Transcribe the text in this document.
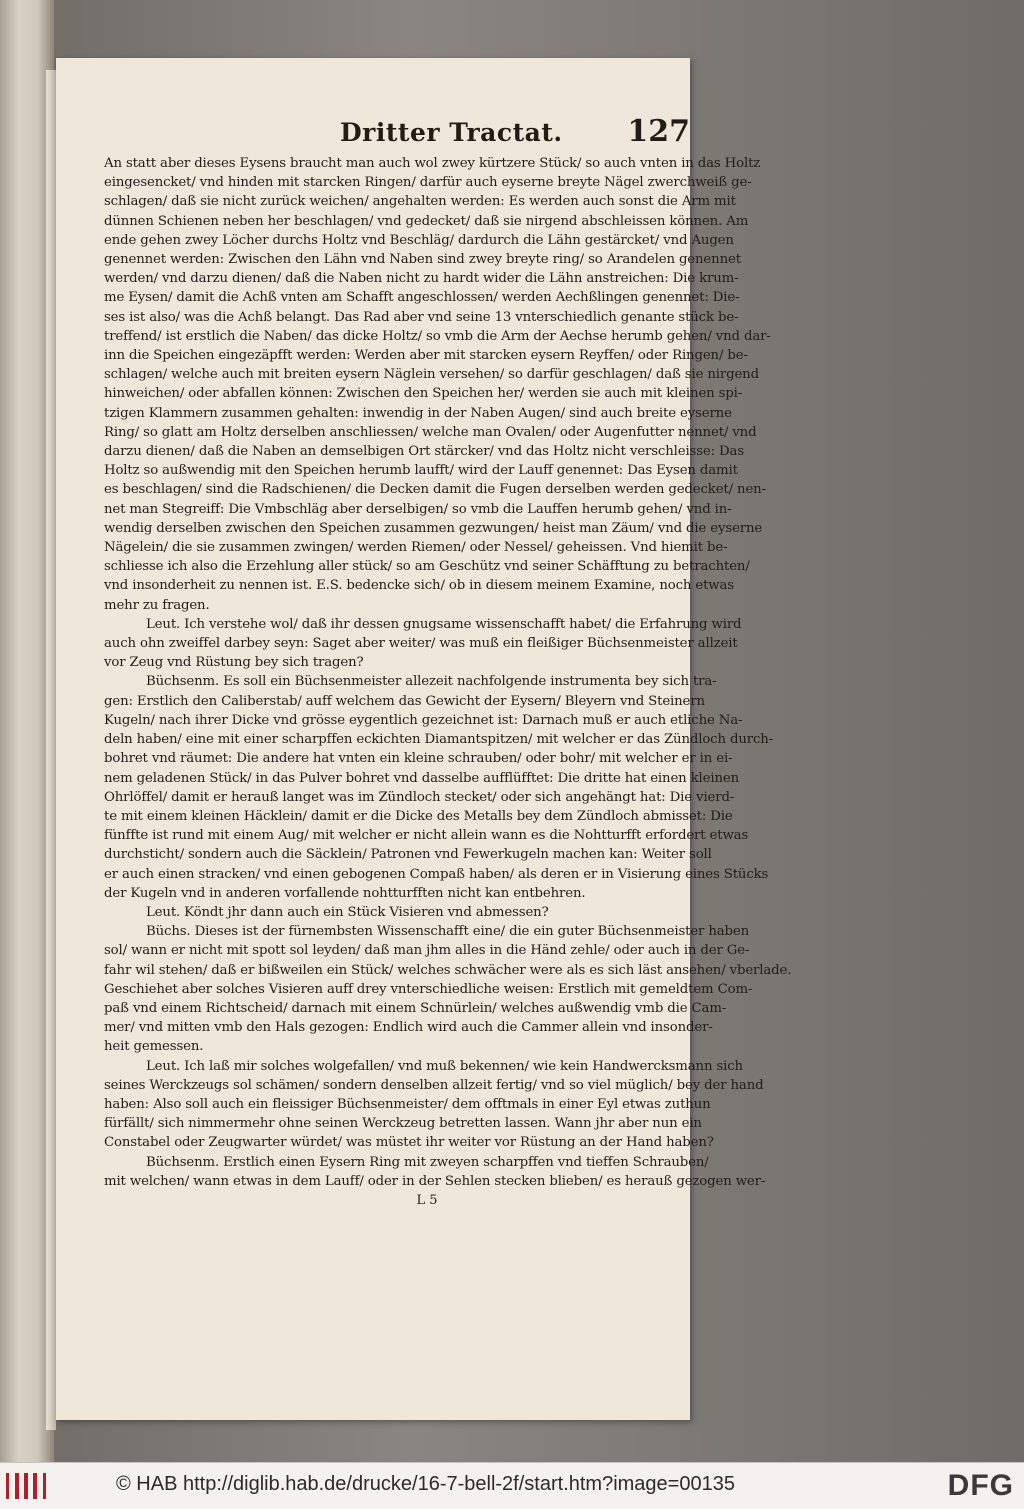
Dritter Tractat. 127
An statt aber dieses Eysens braucht man auch wol zwey kürtzere Stück/ so auch vnten in das Holtz
eingesencket/ vnd hinden mit starcken Ringen/ darfür auch eyserne breyte Nägel zwerchweiß ge-
schlagen/ daß sie nicht zurück weichen/ angehalten werden: Es werden auch sonst die Arm mit
dünnen Schienen neben her beschlagen/ vnd gedecket/ daß sie nirgend abschleissen können. Am
ende gehen zwey Löcher durchs Holtz vnd Beschläg/ dardurch die Lähn gestärcket/ vnd Augen
genennet werden: Zwischen den Lähn vnd Naben sind zwey breyte ring/ so Arandelen genennet
werden/ vnd darzu dienen/ daß die Naben nicht zu hardt wider die Lähn anstreichen: Die krum-
me Eysen/ damit die Achß vnten am Schafft angeschlossen/ werden Aechßlingen genennet: Die-
ses ist also/ was die Achß belangt. Das Rad aber vnd seine 13 vnterschiedlich genante stück be-
treffend/ ist erstlich die Naben/ das dicke Holtz/ so vmb die Arm der Aechse herumb gehen/ vnd dar-
inn die Speichen eingezäpfft werden: Werden aber mit starcken eysern Reyffen/ oder Ringen/ be-
schlagen/ welche auch mit breiten eysern Näglein versehen/ so darfür geschlagen/ daß sie nirgend
hinweichen/ oder abfallen können: Zwischen den Speichen her/ werden sie auch mit kleinen spi-
tzigen Klammern zusammen gehalten: inwendig in der Naben Augen/ sind auch breite eyserne
Ring/ so glatt am Holtz derselben anschliessen/ welche man Ovalen/ oder Augenfutter nennet/ vnd
darzu dienen/ daß die Naben an demselbigen Ort stärcker/ vnd das Holtz nicht verschleisse: Das
Holtz so außwendig mit den Speichen herumb laufft/ wird der Lauff genennet: Das Eysen damit
es beschlagen/ sind die Radschienen/ die Decken damit die Fugen derselben werden gedecket/ nen-
net man Stegreiff: Die Vmbschläg aber derselbigen/ so vmb die Lauffen herumb gehen/ vnd in-
wendig derselben zwischen den Speichen zusammen gezwungen/ heist man Zäum/ vnd die eyserne
Nägelein/ die sie zusammen zwingen/ werden Riemen/ oder Nessel/ geheissen. Vnd hiemit be-
schliesse ich also die Erzehlung aller stück/ so am Geschütz vnd seiner Schäfftung zu betrachten/
vnd insonderheit zu nennen ist. E.S. bedencke sich/ ob in diesem meinem Examine, noch etwas
mehr zu fragen.
Leut. Ich verstehe wol/ daß ihr dessen gnugsame wissenschafft habet/ die Erfahrung wird
auch ohn zweiffel darbey seyn: Saget aber weiter/ was muß ein fleißiger Büchsenmeister allzeit
vor Zeug vnd Rüstung bey sich tragen?
Büchsenm. Es soll ein Büchsenmeister allezeit nachfolgende instrumenta bey sich tra-
gen: Erstlich den Caliberstab/ auff welchem das Gewicht der Eysern/ Bleyern vnd Steinern
Kugeln/ nach ihrer Dicke vnd grösse eygentlich gezeichnet ist: Darnach muß er auch etliche Na-
deln haben/ eine mit einer scharpffen eckichten Diamantspitzen/ mit welcher er das Zündloch durch-
bohret vnd räumet: Die andere hat vnten ein kleine schrauben/ oder bohr/ mit welcher er in ei-
nem geladenen Stück/ in das Pulver bohret vnd dasselbe aufflüfftet: Die dritte hat einen kleinen
Ohrlöffel/ damit er herauß langet was im Zündloch stecket/ oder sich angehängt hat: Die vierd-
te mit einem kleinen Häcklein/ damit er die Dicke des Metalls bey dem Zündloch abmisset: Die
fünffte ist rund mit einem Aug/ mit welcher er nicht allein wann es die Nohtturfft erfordert etwas
durchsticht/ sondern auch die Säcklein/ Patronen vnd Fewerkugeln machen kan: Weiter soll
er auch einen stracken/ vnd einen gebogenen Compaß haben/ als deren er in Visierung eines Stücks
der Kugeln vnd in anderen vorfallende nohtturfften nicht kan entbehren.
Leut. Köndt jhr dann auch ein Stück Visieren vnd abmessen?
Büchs. Dieses ist der fürnembsten Wissenschafft eine/ die ein guter Büchsenmeister haben
sol/ wann er nicht mit spott sol leyden/ daß man jhm alles in die Händ zehle/ oder auch in der Ge-
fahr wil stehen/ daß er bißweilen ein Stück/ welches schwächer were als es sich läst ansehen/ vberlade.
Geschiehet aber solches Visieren auff drey vnterschiedliche weisen: Erstlich mit gemeldtem Com-
paß vnd einem Richtscheid/ darnach mit einem Schnürlein/ welches außwendig vmb die Cam-
mer/ vnd mitten vmb den Hals gezogen: Endlich wird auch die Cammer allein vnd insonder-
heit gemessen.
Leut. Ich laß mir solches wolgefallen/ vnd muß bekennen/ wie kein Handwercksmann sich
seines Werckzeugs sol schämen/ sondern denselben allzeit fertig/ vnd so viel müglich/ bey der hand
haben: Also soll auch ein fleissiger Büchsenmeister/ dem offtmals in einer Eyl etwas zuthun
fürfällt/ sich nimmermehr ohne seinen Werckzeug betretten lassen. Wann jhr aber nun ein
Constabel oder Zeugwarter würdet/ was müstet ihr weiter vor Rüstung an der Hand haben?
Büchsenm. Erstlich einen Eysern Ring mit zweyen scharpffen vnd tieffen Schrauben/
mit welchen/ wann etwas in dem Lauff/ oder in der Sehlen stecken blieben/ es herauß gezogen wer-
L 5
© HAB http://diglib.hab.de/drucke/16-7-bell-2f/start.htm?image=00135	DFG
